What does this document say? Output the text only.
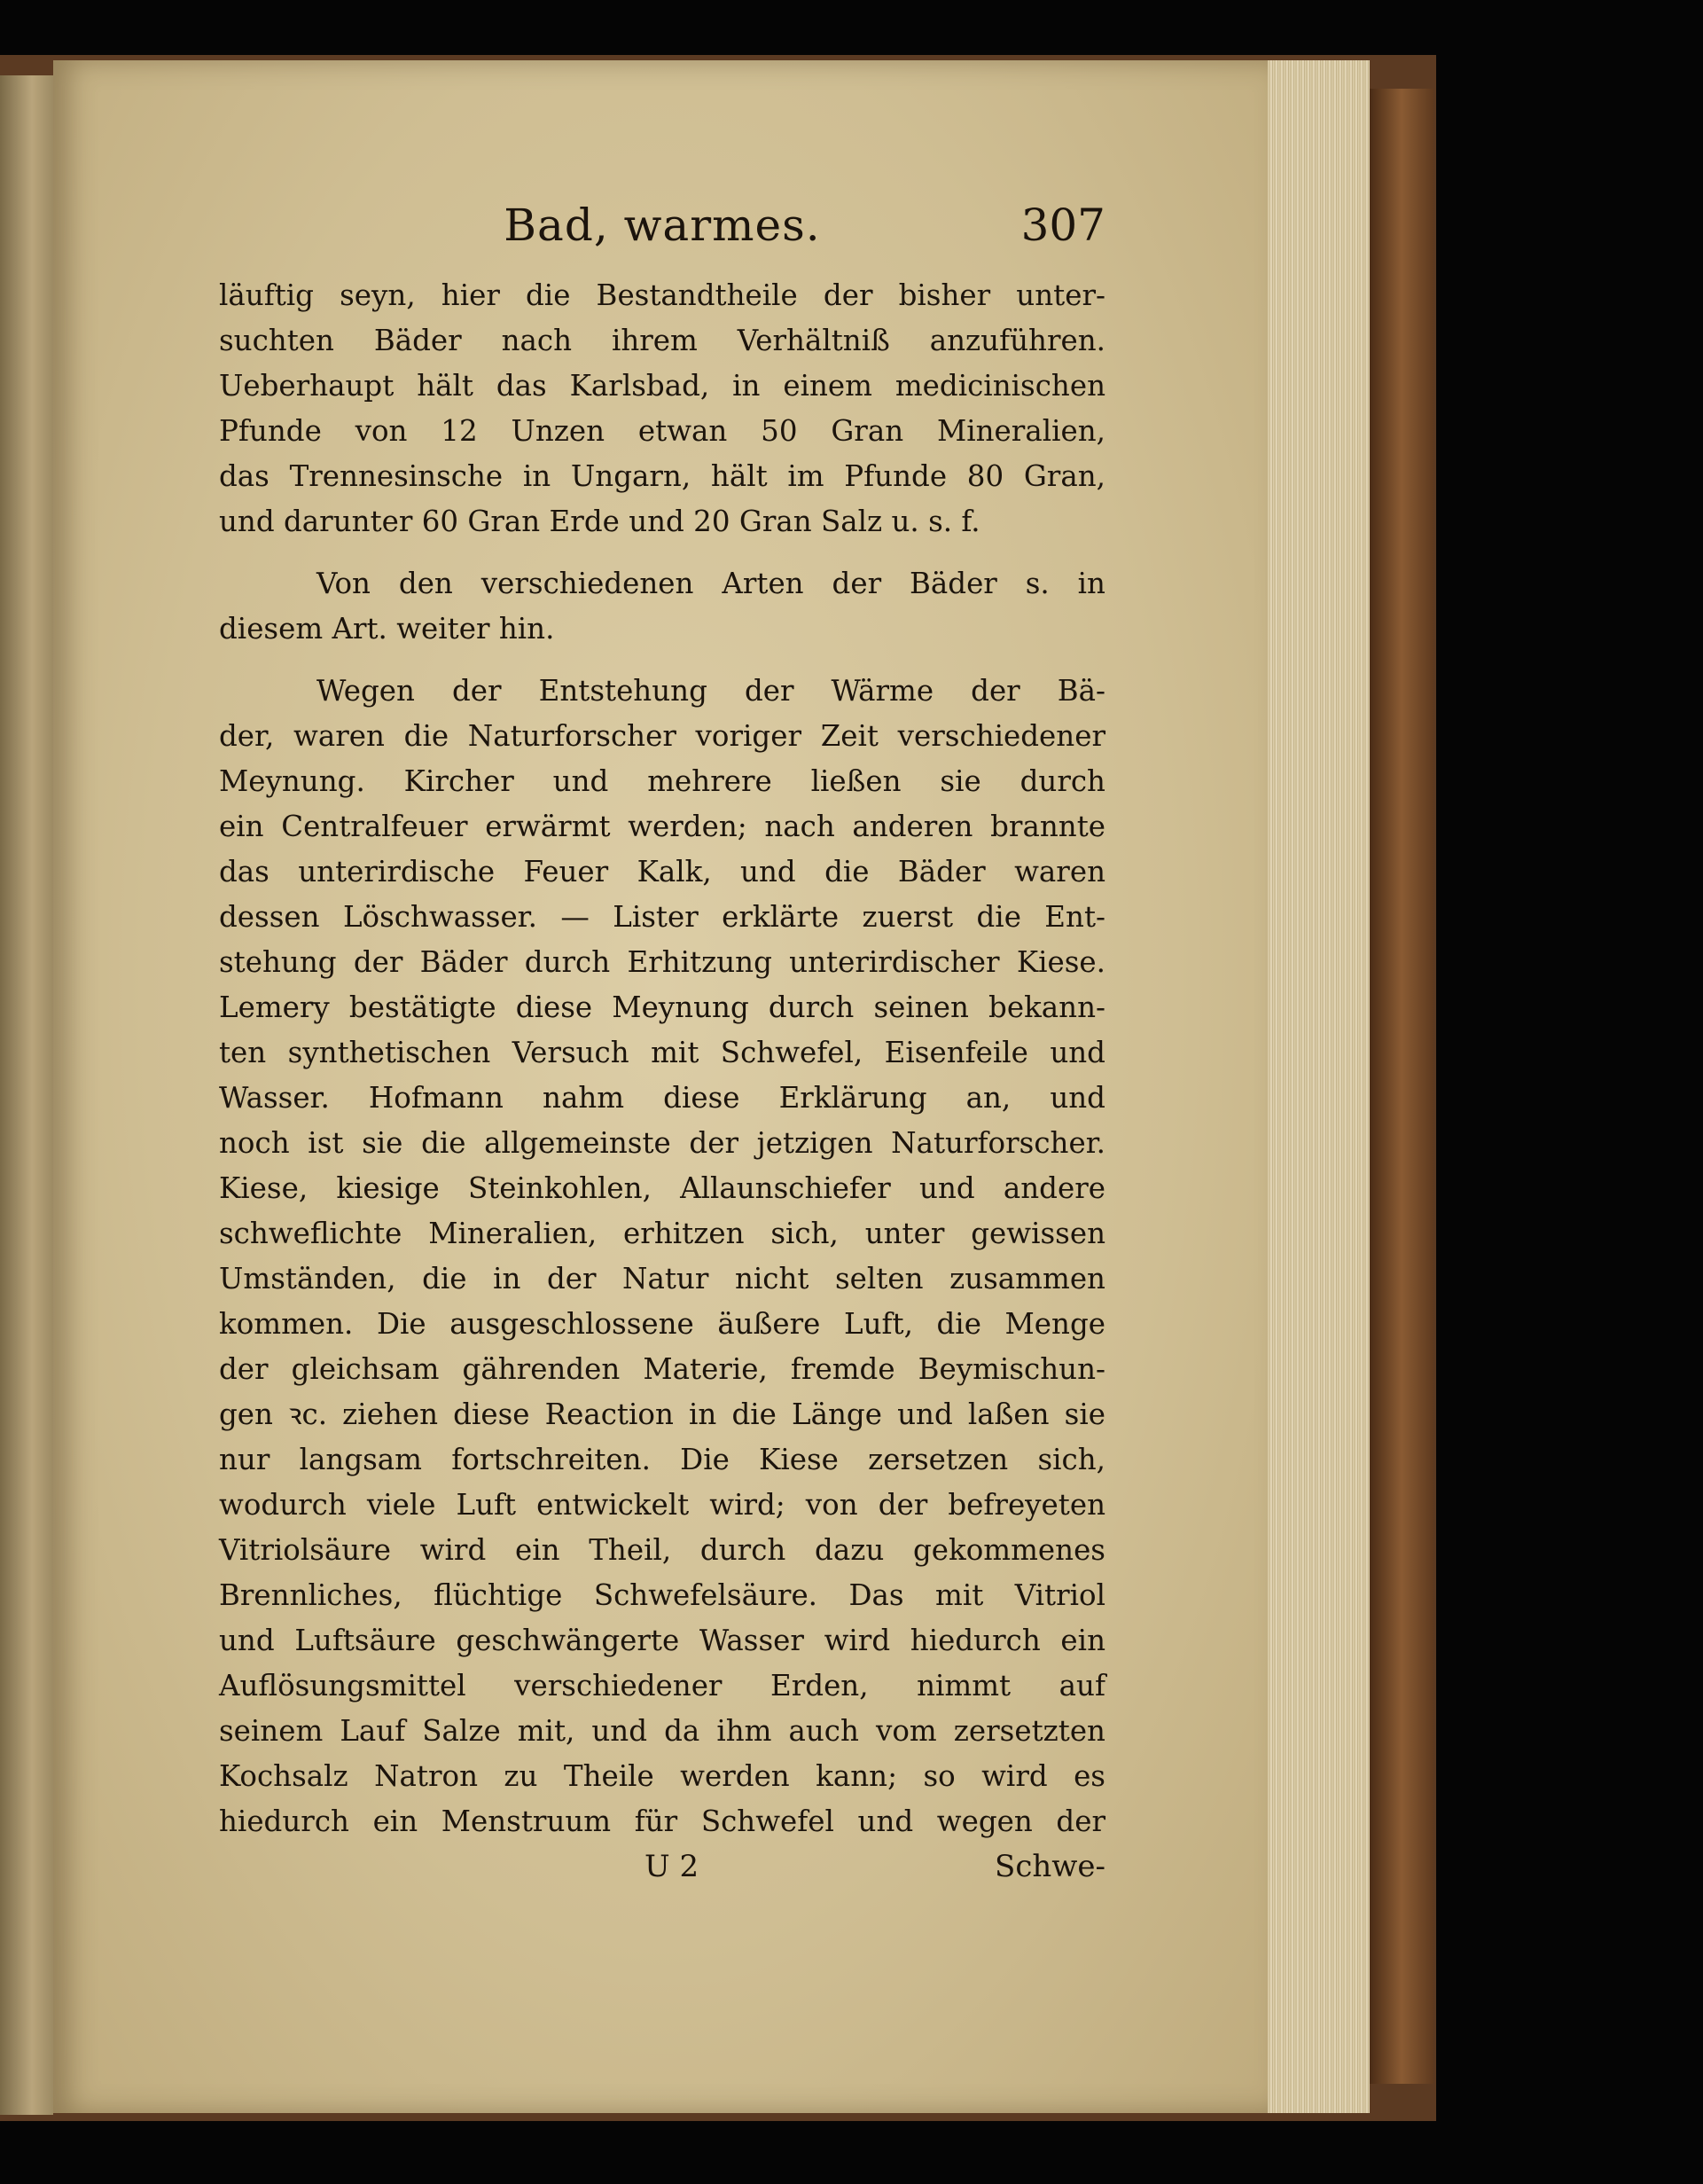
Bad, warmes.	307

läuftig seyn, hier die Bestandtheile der bisher unter-
suchten Bäder nach ihrem Verhältniß anzuführen.
Ueberhaupt hält das Karlsbad, in einem medicinischen
Pfunde von 12 Unzen etwan 50 Gran Mineralien,
das Trennesinsche in Ungarn, hält im Pfunde 80 Gran,
und darunter 60 Gran Erde und 20 Gran Salz u. s. f.

Von den verschiedenen Arten der Bäder s. in
diesem Art. weiter hin.

Wegen der Entstehung der Wärme der Bä-
der, waren die Naturforscher voriger Zeit verschiedener
Meynung. Kircher und mehrere ließen sie durch
ein Centralfeuer erwärmt werden; nach anderen brannte
das unterirdische Feuer Kalk, und die Bäder waren
dessen Löschwasser. — Lister erklärte zuerst die Ent-
stehung der Bäder durch Erhitzung unterirdischer Kiese.
Lemery bestätigte diese Meynung durch seinen bekann-
ten synthetischen Versuch mit Schwefel, Eisenfeile und
Wasser. Hofmann nahm diese Erklärung an, und
noch ist sie die allgemeinste der jetzigen Naturforscher.
Kiese, kiesige Steinkohlen, Allaunschiefer und andere
schweflichte Mineralien, erhitzen sich, unter gewissen
Umständen, die in der Natur nicht selten zusammen
kommen. Die ausgeschlossene äußere Luft, die Menge
der gleichsam gährenden Materie, fremde Beymischun-
gen ꝛc. ziehen diese Reaction in die Länge und laßen sie
nur langsam fortschreiten. Die Kiese zersetzen sich,
wodurch viele Luft entwickelt wird; von der befreyeten
Vitriolsäure wird ein Theil, durch dazu gekommenes
Brennliches, flüchtige Schwefelsäure. Das mit Vitriol
und Luftsäure geschwängerte Wasser wird hiedurch ein
Auflösungsmittel verschiedener Erden, nimmt auf
seinem Lauf Salze mit, und da ihm auch vom zersetzten
Kochsalz Natron zu Theile werden kann; so wird es
hiedurch ein Menstruum für Schwefel und wegen der

U 2	Schwe-
